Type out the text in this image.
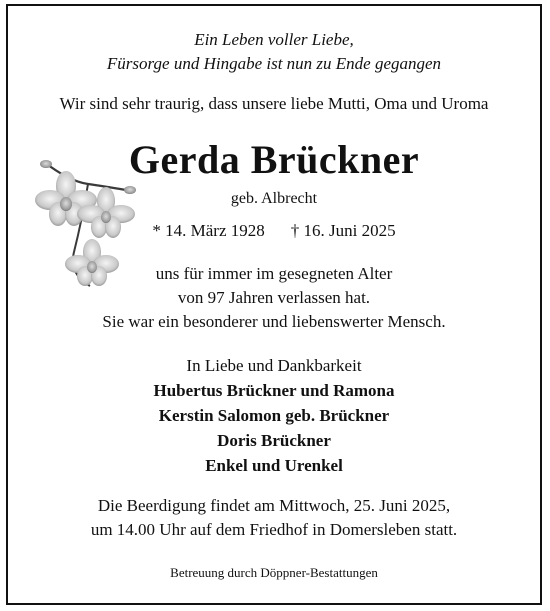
Ein Leben voller Liebe,

Fürsorge und Hingabe ist nun zu Ende gegangen

Wir sind sehr traurig, dass unsere liebe Mutti, Oma und Uroma

Gerda Brückner

geb. Albrecht

* 14. März 1928 † 16. Juni 2025

uns für immer im gesegneten Alter

von 97 Jahren verlassen hat.

Sie war ein besonderer und liebenswerter Mensch.

In Liebe und Dankbarkeit

Hubertus Brückner und Ramona

Kerstin Salomon geb. Brückner

Doris Brückner

Enkel und Urenkel

Die Beerdigung findet am Mittwoch, 25. Juni 2025,

um 14.00 Uhr auf dem Friedhof in Domersleben statt.

Betreuung durch Döppner-Bestattungen
